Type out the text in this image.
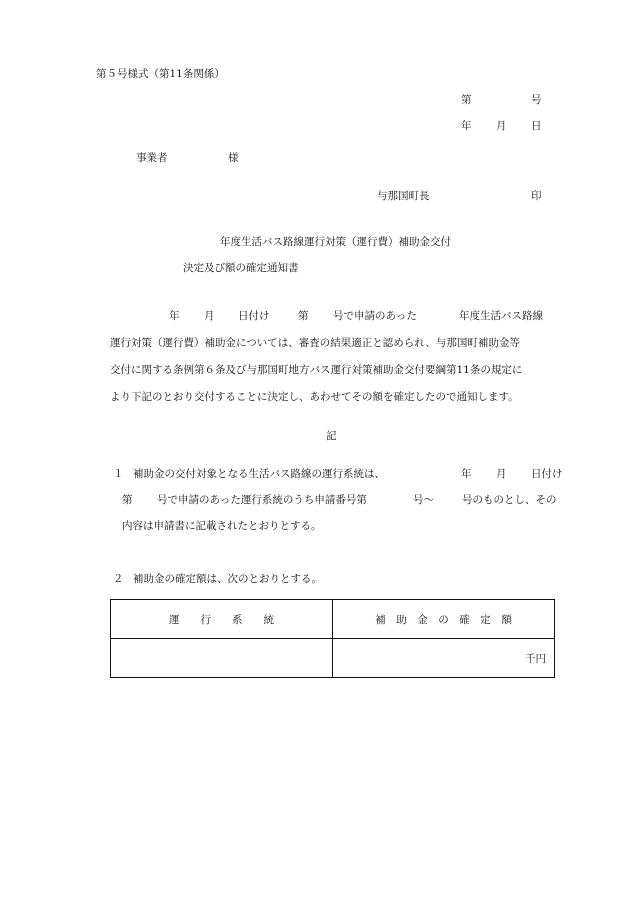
第５号様式（第11条関係）
第	号
年 月 日
事業者	様
与那国町長	印
年度生活バス路線運行対策（運行費）補助金交付
決定及び額の確定通知書
年 月 日付け	第 号で申請のあった	年度生活バス路線
運行対策（運行費）補助金については、審査の結果適正と認められ、与那国町補助金等
交付に関する条例第６条及び与那国町地方バス運行対策補助金交付要綱第11条の規定に
より下記のとおり交付することに決定し、あわせてその額を確定したので通知します。
記
１ 補助金の交付対象となる生活バス路線の運行系統は、	年 月 日付け
第 号で申請のあった運行系統のうち申請番号第	号～	号のものとし、その
内容は申請書に記載されたとおりとする。
２ 補助金の確定額は、次のとおりとする。
運　　行　　系　　統	補　助　金　の　確　定　額
	千円
